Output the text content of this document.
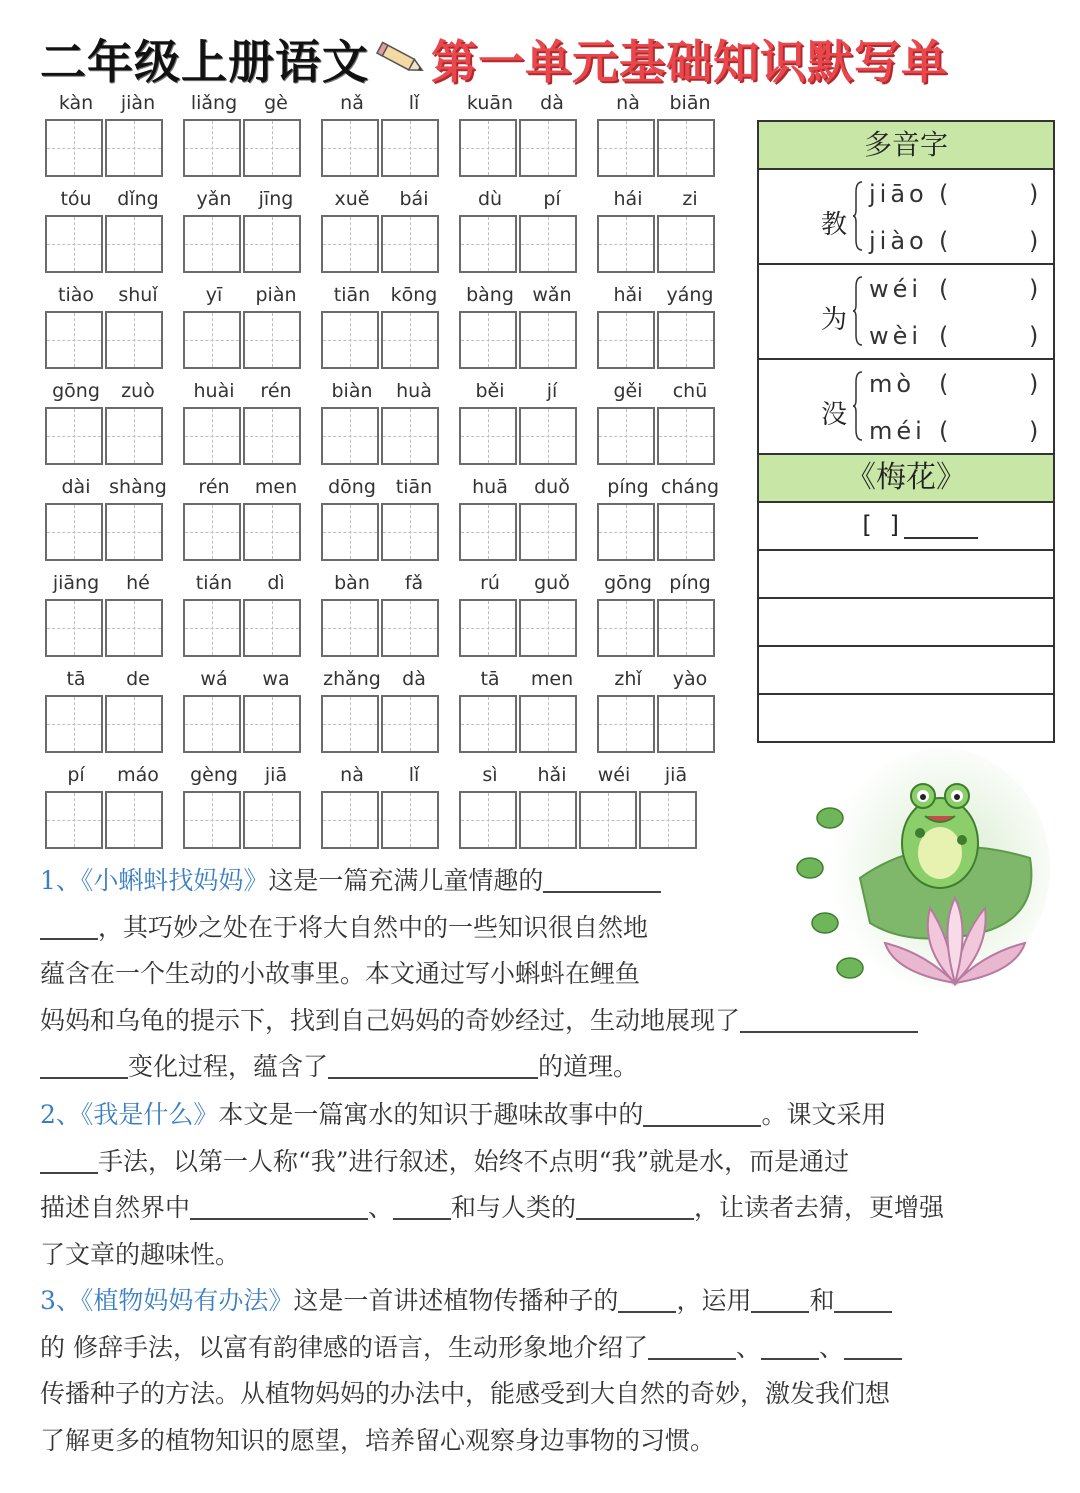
二年级上册语文 第一单元基础知识默写单
kàn	jiàn	liǎng	gè	nǎ	lǐ	kuān	dà	nà	biān
tóu	dǐng	yǎn	jīng	xuě	bái	dù	pí	hái	zi
tiào	shuǐ	yī	piàn	tiān	kōng	bàng wǎn	hǎi	yáng
gōng	zuò	huài	rén	biàn	huà	běi	jí	gěi	chū
dài shàng	rén	men	dōng	tiān	huā	duǒ	píng cháng
jiāng	hé	tián	dì	bàn	fǎ	rú	guǒ	gōng píng
tā	de	wá	wa	zhǎng	dà	tā	men	zhǐ	yào
pí	máo	gèng	jiā	nà	lǐ	sì	hǎi	wéi	jiā
多音字
教
jiāo (	)
jiào (	)
为
wéi (	)
wèi (	)
没
mò (	)
méi (	)
《梅花》
[ ]
1、《小蝌蚪找妈妈》这是一篇充满儿童情趣的
，其巧妙之处在于将大自然中的一些知识很自然地
蕴含在一个生动的小故事里。本文通过写小蝌蚪在鲤鱼
妈妈和乌龟的提示下，找到自己妈妈的奇妙经过，生动地展现了
变化过程，蕴含了	的道理。
2、《我是什么》本文是一篇寓水的知识于趣味故事中的	。课文采用
手法，以第一人称“我”进行叙述，始终不点明“我”就是水，而是通过
描述自然界中	、 和与人类的	，让读者去猜，更增强
了文章的趣味性。
3、《植物妈妈有办法》这是一首讲述植物传播种子的 ，运用 和
的 修辞手法，以富有韵律感的语言，生动形象地介绍了	、 、
传播种子的方法。从植物妈妈的办法中，能感受到大自然的奇妙，激发我们想
了解更多的植物知识的愿望，培养留心观察身边事物的习惯。
